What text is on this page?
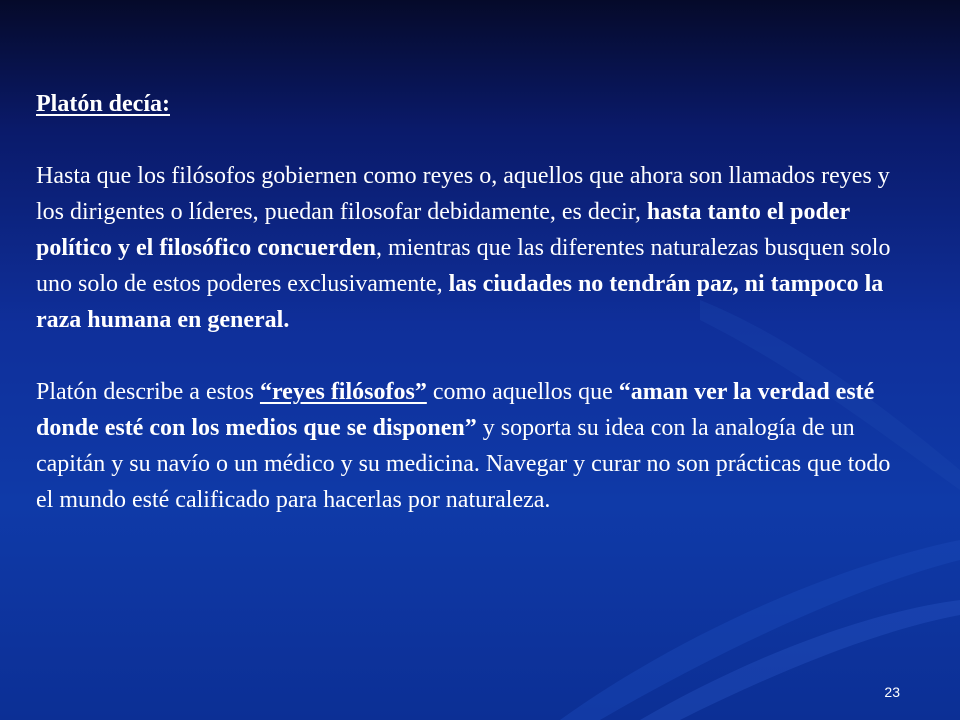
Platón decía:

Hasta que los filósofos gobiernen como reyes o, aquellos que ahora son llamados reyes y los dirigentes o líderes, puedan filosofar debidamente, es decir, hasta tanto el poder político y el filosófico concuerden, mientras que las diferentes naturalezas busquen solo uno solo de estos poderes exclusivamente, las ciudades no tendrán paz, ni tampoco la raza humana en general.

Platón describe a estos “reyes filósofos” como aquellos que “aman ver la verdad esté donde esté con los medios que se disponen” y soporta su idea con la analogía de un capitán y su navío o un médico y su medicina. Navegar y curar no son prácticas que todo el mundo esté calificado para hacerlas por naturaleza.

23
